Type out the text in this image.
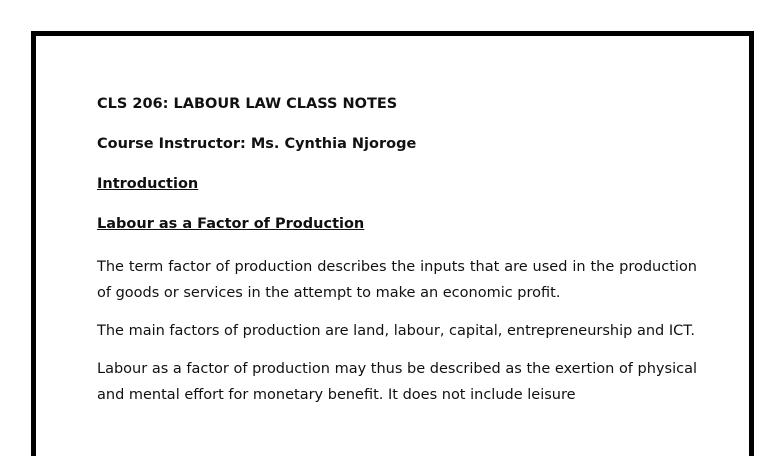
CLS 206: LABOUR LAW CLASS NOTES

Course Instructor: Ms. Cynthia Njoroge

Introduction

Labour as a Factor of Production

The term factor of production describes the inputs that are used in the production of goods or services in the attempt to make an economic profit.

The main factors of production are land, labour, capital, entrepreneurship and ICT.

Labour as a factor of production may thus be described as the exertion of physical and mental effort for monetary benefit. It does not include leisure
